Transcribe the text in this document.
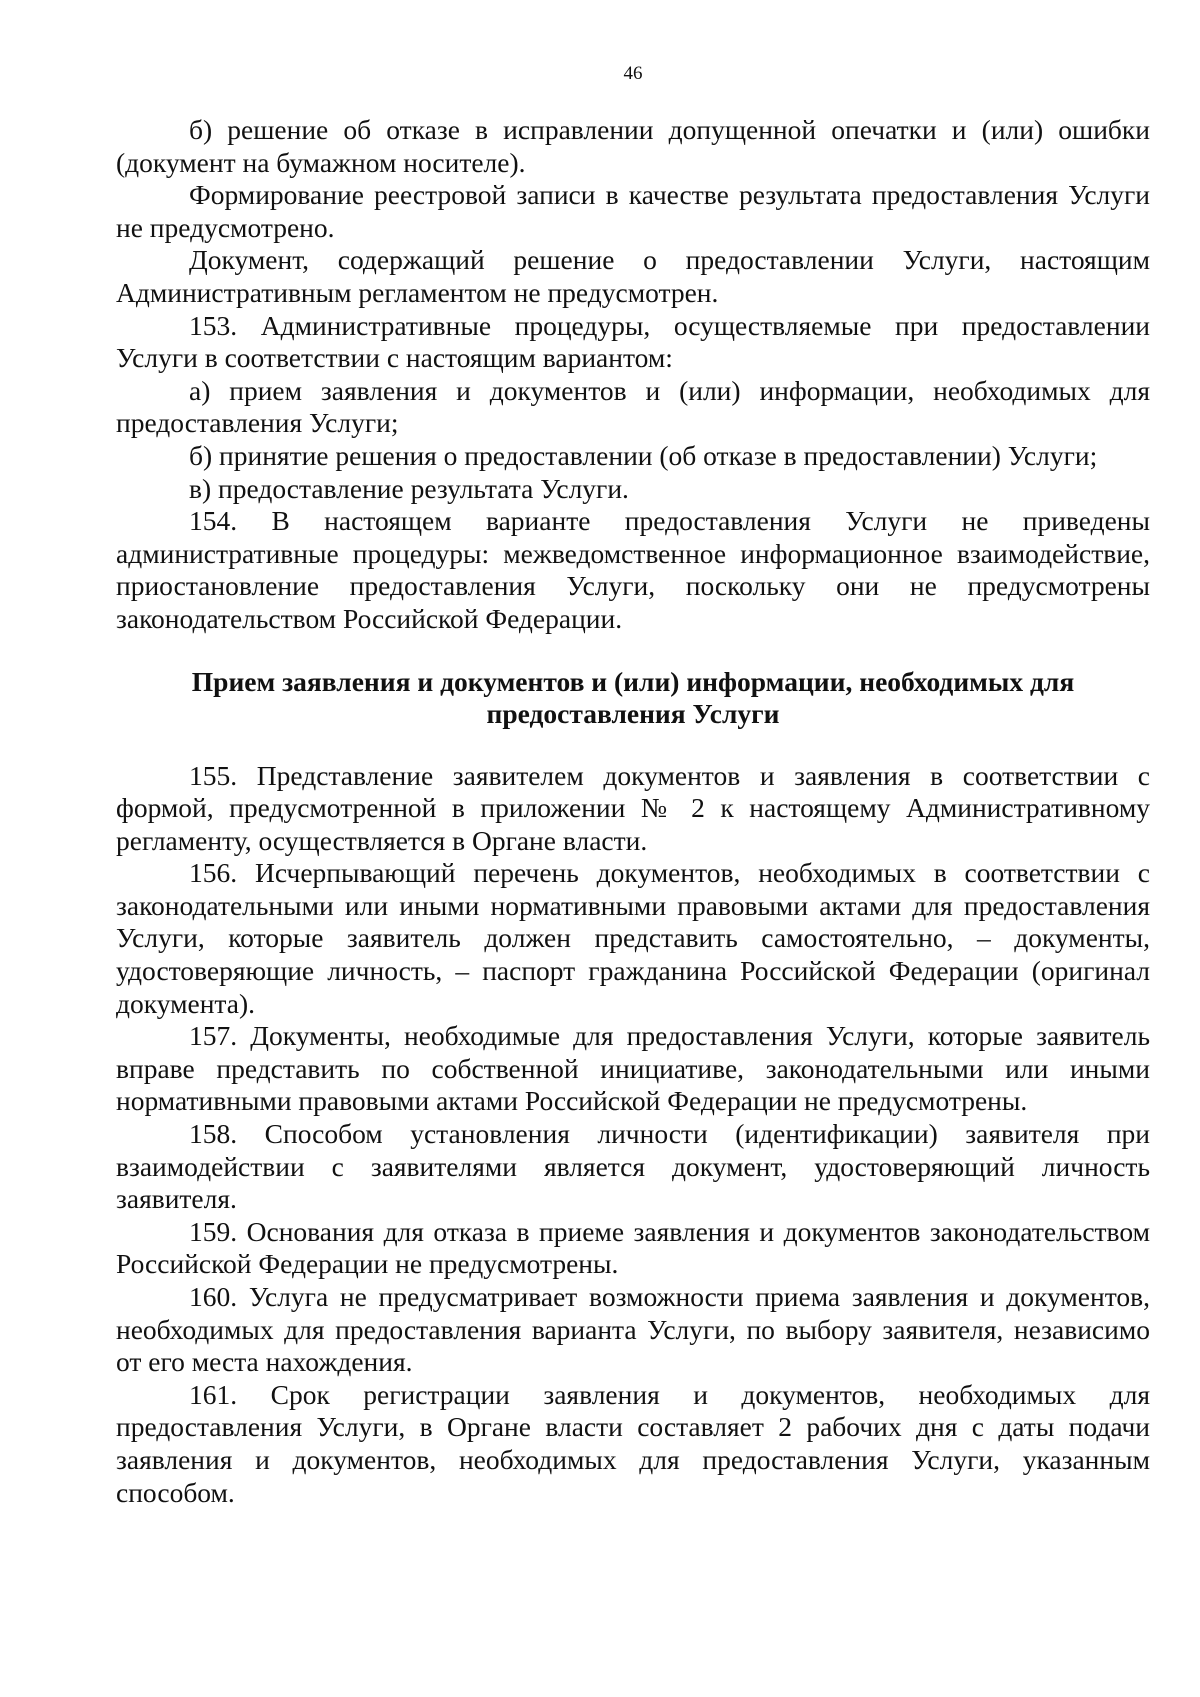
46

б) решение об отказе в исправлении допущенной опечатки и (или) ошибки (документ на бумажном носителе).

Формирование реестровой записи в качестве результата предоставления Услуги не предусмотрено.

Документ, содержащий решение о предоставлении Услуги, настоящим Административным регламентом не предусмотрен.

153. Административные процедуры, осуществляемые при предоставлении Услуги в соответствии с настоящим вариантом:

а) прием заявления и документов и (или) информации, необходимых для предоставления Услуги;

б) принятие решения о предоставлении (об отказе в предоставлении) Услуги;

в) предоставление результата Услуги.

154. В настоящем варианте предоставления Услуги не приведены административные процедуры: межведомственное информационное взаимодействие, приостановление предоставления Услуги, поскольку они не предусмотрены законодательством Российской Федерации.

Прием заявления и документов и (или) информации, необходимых для
предоставления Услуги

155. Представление заявителем документов и заявления в соответствии с формой, предусмотренной в приложении № 2 к настоящему Административному регламенту, осуществляется в Органе власти.

156. Исчерпывающий перечень документов, необходимых в соответствии с законодательными или иными нормативными правовыми актами для предоставления Услуги, которые заявитель должен представить самостоятельно, – документы, удостоверяющие личность, – паспорт гражданина Российской Федерации (оригинал документа).

157. Документы, необходимые для предоставления Услуги, которые заявитель вправе представить по собственной инициативе, законодательными или иными нормативными правовыми актами Российской Федерации не предусмотрены.

158. Способом установления личности (идентификации) заявителя при взаимодействии с заявителями является документ, удостоверяющий личность заявителя.

159. Основания для отказа в приеме заявления и документов законодательством Российской Федерации не предусмотрены.

160. Услуга не предусматривает возможности приема заявления и документов, необходимых для предоставления варианта Услуги, по выбору заявителя, независимо от его места нахождения.

161. Срок регистрации заявления и документов, необходимых для предоставления Услуги, в Органе власти составляет 2 рабочих дня с даты подачи заявления и документов, необходимых для предоставления Услуги, указанным способом.
